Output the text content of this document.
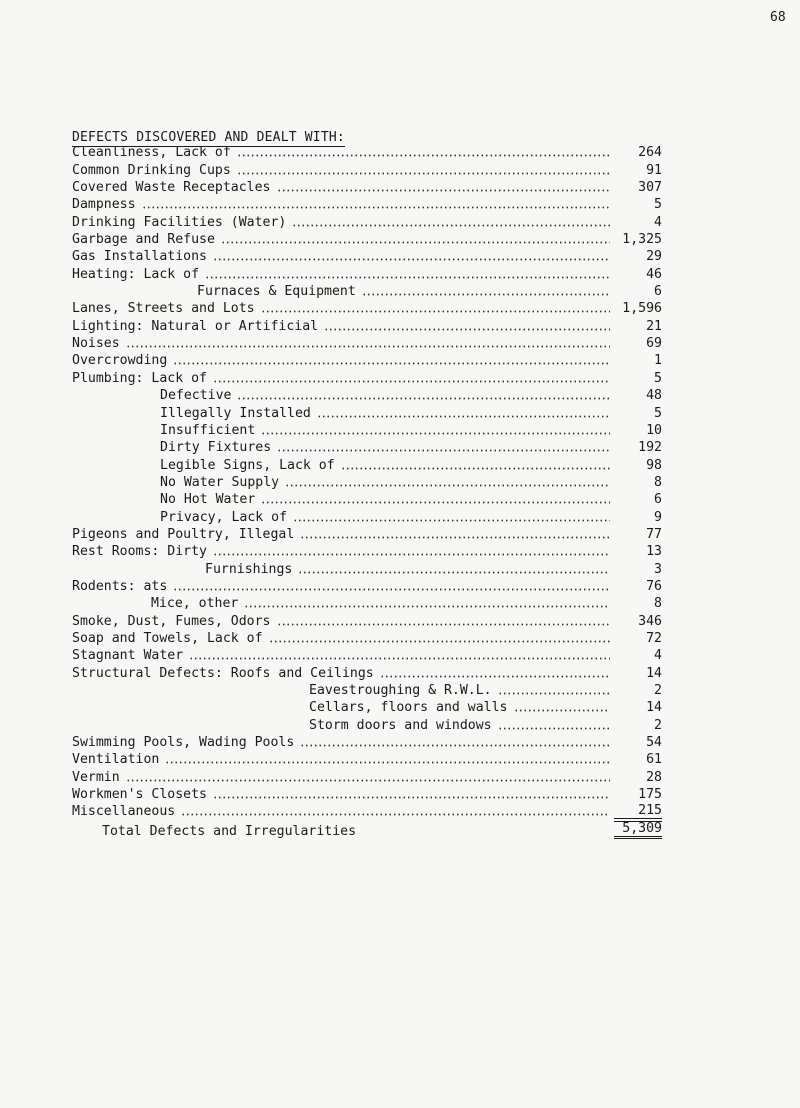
68
DEFECTS DISCOVERED AND DEALT WITH:
Cleanliness, Lack of	264
Common Drinking Cups	91
Covered Waste Receptacles	307
Dampness	5
Drinking Facilities (Water)	4
Garbage and Refuse	1,325
Gas Installations	29
Heating: Lack of	46
Furnaces & Equipment	6
Lanes, Streets and Lots	1,596
Lighting: Natural or Artificial	21
Noises	69
Overcrowding	1
Plumbing: Lack of	5
Defective	48
Illegally Installed	5
Insufficient	10
Dirty Fixtures	192
Legible Signs, Lack of	98
No Water Supply	8
No Hot Water	6
Privacy, Lack of	9
Pigeons and Poultry, Illegal	77
Rest Rooms: Dirty	13
Furnishings	3
Rodents: ats	76
Mice, other	8
Smoke, Dust, Fumes, Odors	346
Soap and Towels, Lack of	72
Stagnant Water	4
Structural Defects: Roofs and Ceilings	14
Eavestroughing & R.W.L.	2
Cellars, floors and walls	14
Storm doors and windows	2
Swimming Pools, Wading Pools	54
Ventilation	61
Vermin	28
Workmen's Closets	175
Miscellaneous	215
Total Defects and Irregularities	5,309
